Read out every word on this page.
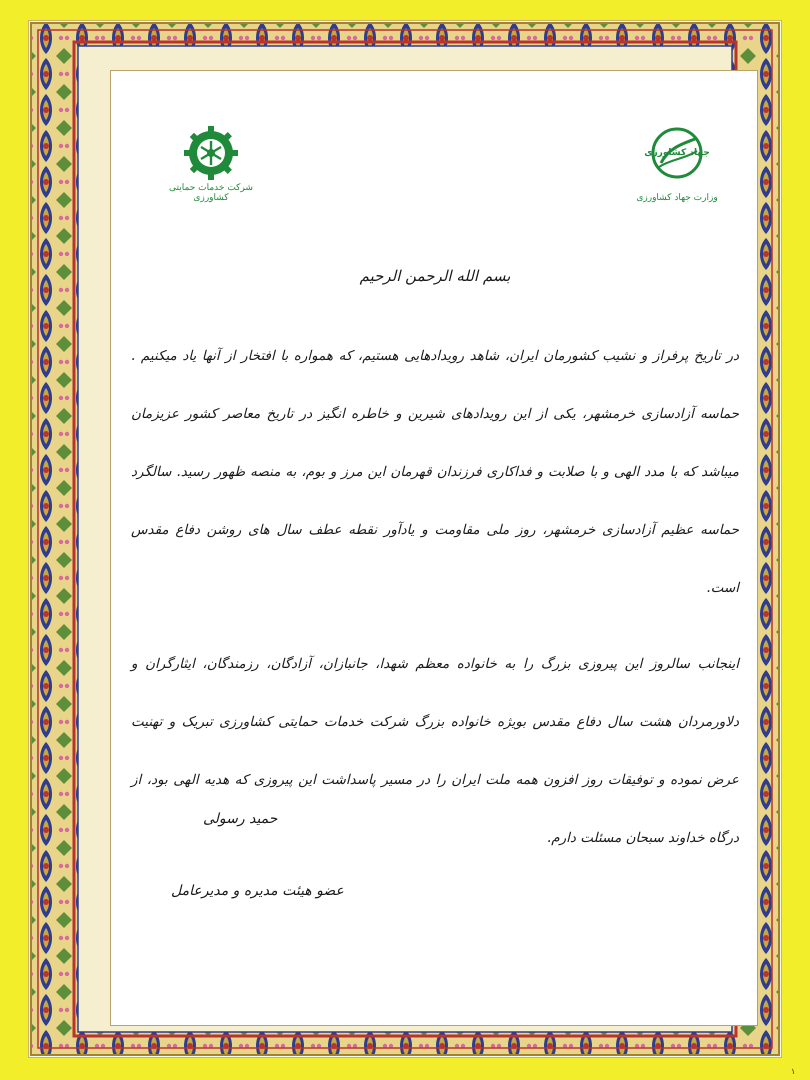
شرکت خدمات حمایتی کشاورزی
جهاد کشاورزی
وزارت جهاد کشاورزی

بسم الله الرحمن الرحیم

در تاریخ پرفراز و نشیب کشورمان ایران، شاهد رویدادهایی هستیم، که همواره با افتخار از آنها یاد میکنیم . حماسه آزادسازی خرمشهر، یکی از این رویدادهای شیرین و خاطره انگیز در تاریخ معاصر کشور عزیزمان میباشد که با مدد الهی و با صلابت و فداکاری فرزندان قهرمان این مرز و بوم، به منصه ظهور رسید. سالگرد حماسه عظیم آزادسازی خرمشهر، روز ملی مقاومت و یادآور نقطه عطف سال های روشن دفاع مقدس است.

اینجانب سالروز این پیروزی بزرگ را به خانواده معظم شهدا، جانبازان، آزادگان، رزمندگان، ایثارگران و دلاورمردان هشت سال دفاع مقدس بویژه خانواده بزرگ شرکت خدمات حمایتی کشاورزی تبریک و تهنیت عرض نموده و توفیقات روز افزون همه ملت ایران را در مسیر پاسداشت این پیروزی که هدیه الهی بود، از درگاه خداوند سبحان مسئلت دارم.

حمید رسولی
عضو هیئت مدیره و مدیرعامل
۱
